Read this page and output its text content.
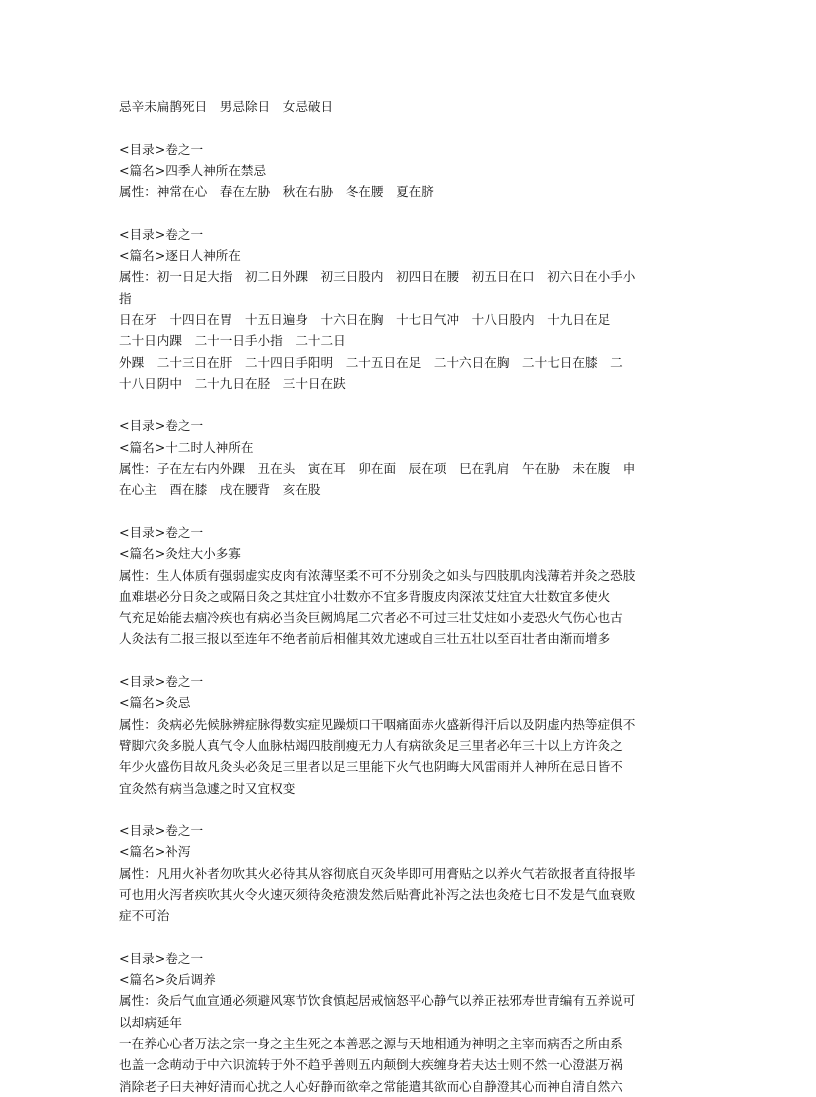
忌辛未扁鹊死日　男忌除日　女忌破日
<目录>卷之一
<篇名>四季人神所在禁忌
属性：神常在心　春在左胁　秋在右胁　冬在腰　夏在脐
<目录>卷之一
<篇名>逐日人神所在
属性：初一日足大指　初二日外踝　初三日股内　初四日在腰　初五日在口　初六日在小手小
指
日在牙　十四日在胃　十五日遍身　十六日在胸　十七日气冲　十八日股内　十九日在足
二十日内踝　二十一日手小指　二十二日
外踝　二十三日在肝　二十四日手阳明　二十五日在足　二十六日在胸　二十七日在膝　二
十八日阴中　二十九日在胫　三十日在趺
<目录>卷之一
<篇名>十二时人神所在
属性：子在左右内外踝　丑在头　寅在耳　卯在面　辰在项　巳在乳肩　午在胁　未在腹　申
在心主　酉在膝　戌在腰背　亥在股
<目录>卷之一
<篇名>灸炷大小多寡
属性：生人体质有强弱虚实皮肉有浓薄坚柔不可不分别灸之如头与四肢肌肉浅薄若并灸之恐肢
血难堪必分日灸之或隔日灸之其炷宜小壮数亦不宜多背腹皮肉深浓艾炷宜大壮数宜多使火
气充足始能去痼冷疾也有病必当灸巨阙鸠尾二穴者必不可过三壮艾炷如小麦恐火气伤心也古
人灸法有二报三报以至连年不绝者前后相催其效尤速或自三壮五壮以至百壮者由渐而增多
<目录>卷之一
<篇名>灸忌
属性：灸病必先候脉辨症脉得数实症见躁烦口干咽痛面赤火盛新得汗后以及阴虚内热等症俱不
臂脚穴灸多脱人真气令人血脉枯竭四肢削瘦无力人有病欲灸足三里者必年三十以上方许灸之
年少火盛伤目故凡灸头必灸足三里者以足三里能下火气也阴晦大风雷雨并人神所在忌日皆不
宜灸然有病当急遽之时又宜权变
<目录>卷之一
<篇名>补泻
属性：凡用火补者勿吹其火必待其从容彻底自灭灸毕即可用膏贴之以养火气若欲报者直待报毕
可也用火泻者疾吹其火令火速灭须待灸疮溃发然后贴膏此补泻之法也灸疮七日不发是气血衰败
症不可治
<目录>卷之一
<篇名>灸后调养
属性：灸后气血宣通必须避风寒节饮食慎起居戒恼怒平心静气以养正祛邪寿世青编有五养说可
以却病延年
一在养心心者万法之宗一身之主生死之本善恶之源与天地相通为神明之主宰而病否之所由系
也盖一念萌动于中六识流转于外不趋乎善则五内颠倒大疾缠身若夫达士则不然一心澄湛万祸
消除老子曰夫神好清而心扰之人心好静而欲牵之常能遣其欲而心自静澄其心而神自清自然六
